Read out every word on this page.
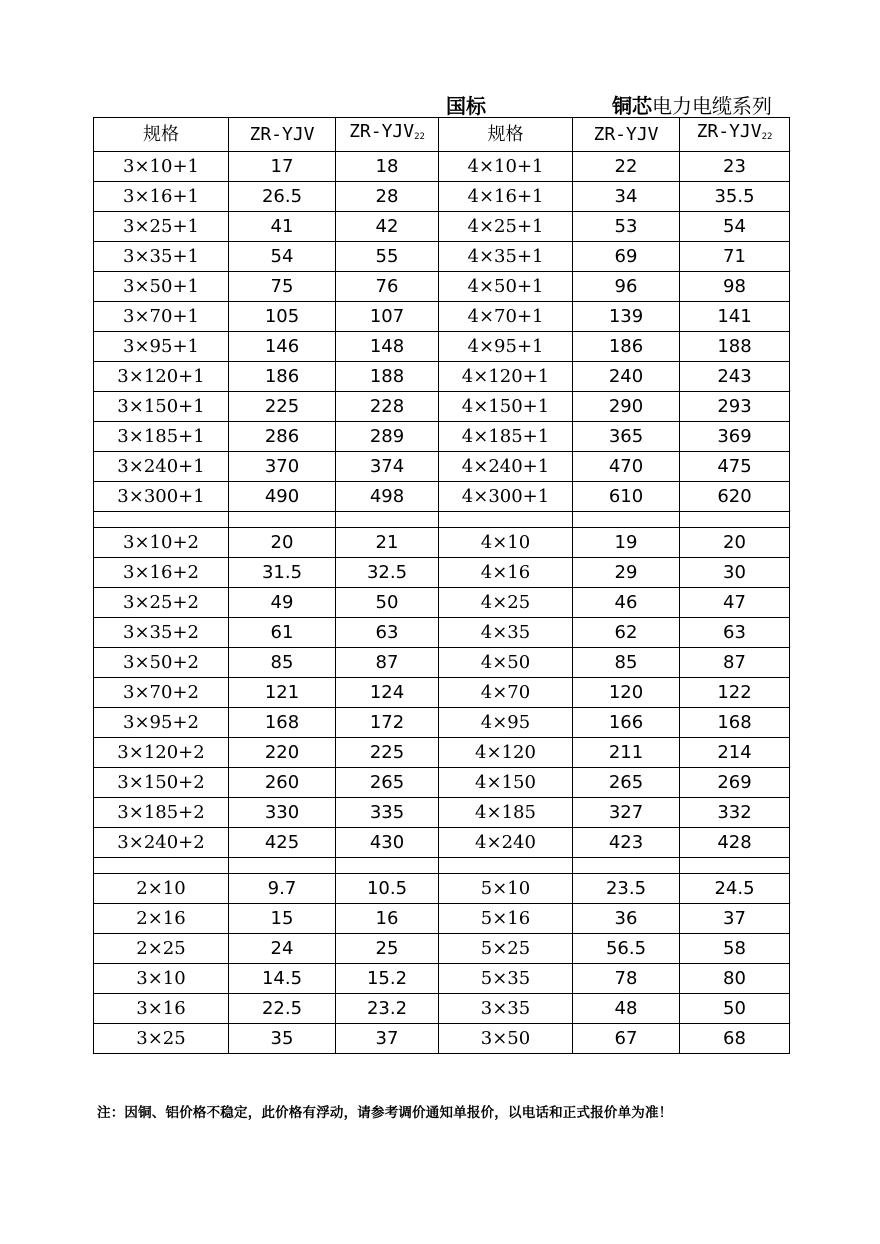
国标	铜芯电力电缆系列
规格	ZR-YJV	$ZR-YJV_{22}$	规格	ZR-YJV	$ZR-YJV_{22}$
3×10+1	17	18	4×10+1	22	23
3×16+1	26.5	28	4×16+1	34	35.5
3×25+1	41	42	4×25+1	53	54
3×35+1	54	55	4×35+1	69	71
3×50+1	75	76	4×50+1	96	98
3×70+1	105	107	4×70+1	139	141
3×95+1	146	148	4×95+1	186	188
3×120+1	186	188	4×120+1	240	243
3×150+1	225	228	4×150+1	290	293
3×185+1	286	289	4×185+1	365	369
3×240+1	370	374	4×240+1	470	475
3×300+1	490	498	4×300+1	610	620

3×10+2	20	21	4×10	19	20
3×16+2	31.5	32.5	4×16	29	30
3×25+2	49	50	4×25	46	47
3×35+2	61	63	4×35	62	63
3×50+2	85	87	4×50	85	87
3×70+2	121	124	4×70	120	122
3×95+2	168	172	4×95	166	168
3×120+2	220	225	4×120	211	214
3×150+2	260	265	4×150	265	269
3×185+2	330	335	4×185	327	332
3×240+2	425	430	4×240	423	428

2×10	9.7	10.5	5×10	23.5	24.5
2×16	15	16	5×16	36	37
2×25	24	25	5×25	56.5	58
3×10	14.5	15.2	5×35	78	80
3×16	22.5	23.2	3×35	48	50
3×25	35	37	3×50	67	68
注：因铜、铝价格不稳定，此价格有浮动，请参考调价通知单报价，以电话和正式报价单为准！
